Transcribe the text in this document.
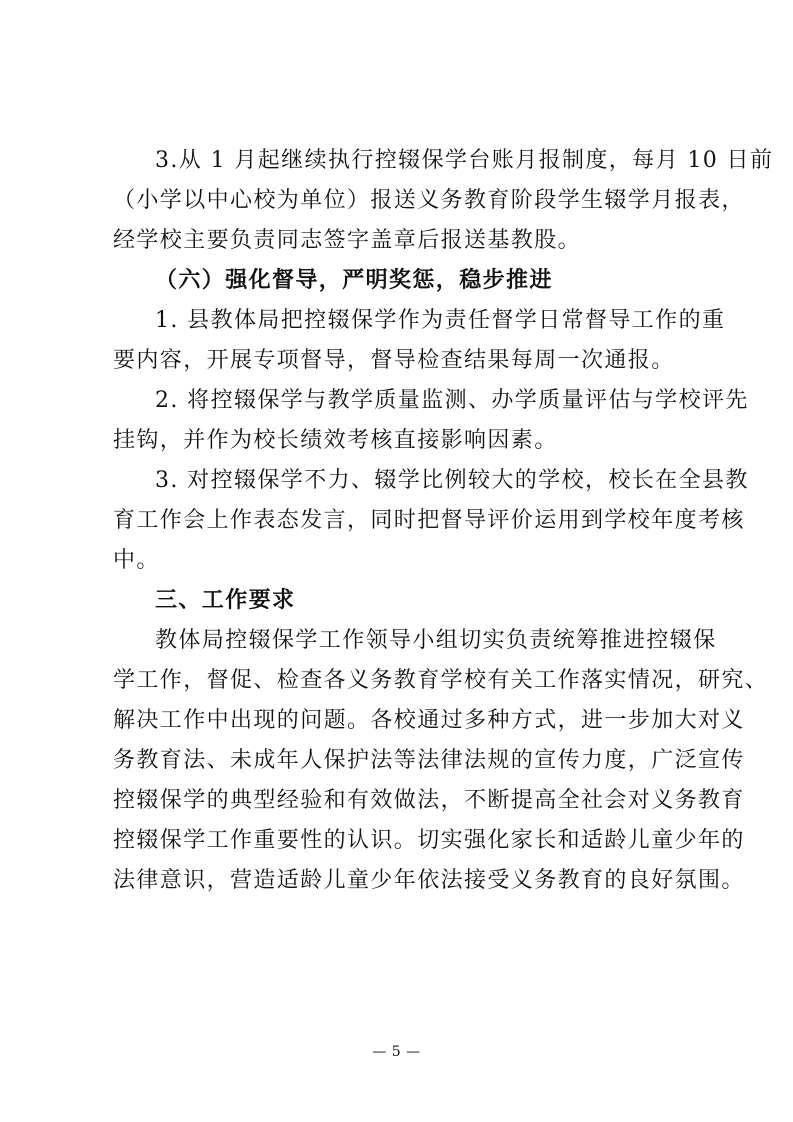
3.从 1 月起继续执行控辍保学台账月报制度，每月 10 日前
（小学以中心校为单位）报送义务教育阶段学生辍学月报表，
经学校主要负责同志签字盖章后报送基教股。
（六）强化督导，严明奖惩，稳步推进
1. 县教体局把控辍保学作为责任督学日常督导工作的重
要内容，开展专项督导，督导检查结果每周一次通报。
2. 将控辍保学与教学质量监测、办学质量评估与学校评先
挂钩，并作为校长绩效考核直接影响因素。
3. 对控辍保学不力、辍学比例较大的学校，校长在全县教
育工作会上作表态发言，同时把督导评价运用到学校年度考核
中。
三、工作要求
教体局控辍保学工作领导小组切实负责统筹推进控辍保
学工作，督促、检查各义务教育学校有关工作落实情况，研究、
解决工作中出现的问题。各校通过多种方式，进一步加大对义
务教育法、未成年人保护法等法律法规的宣传力度，广泛宣传
控辍保学的典型经验和有效做法，不断提高全社会对义务教育
控辍保学工作重要性的认识。切实强化家长和适龄儿童少年的
法律意识，营造适龄儿童少年依法接受义务教育的良好氛围。
— 5 —
